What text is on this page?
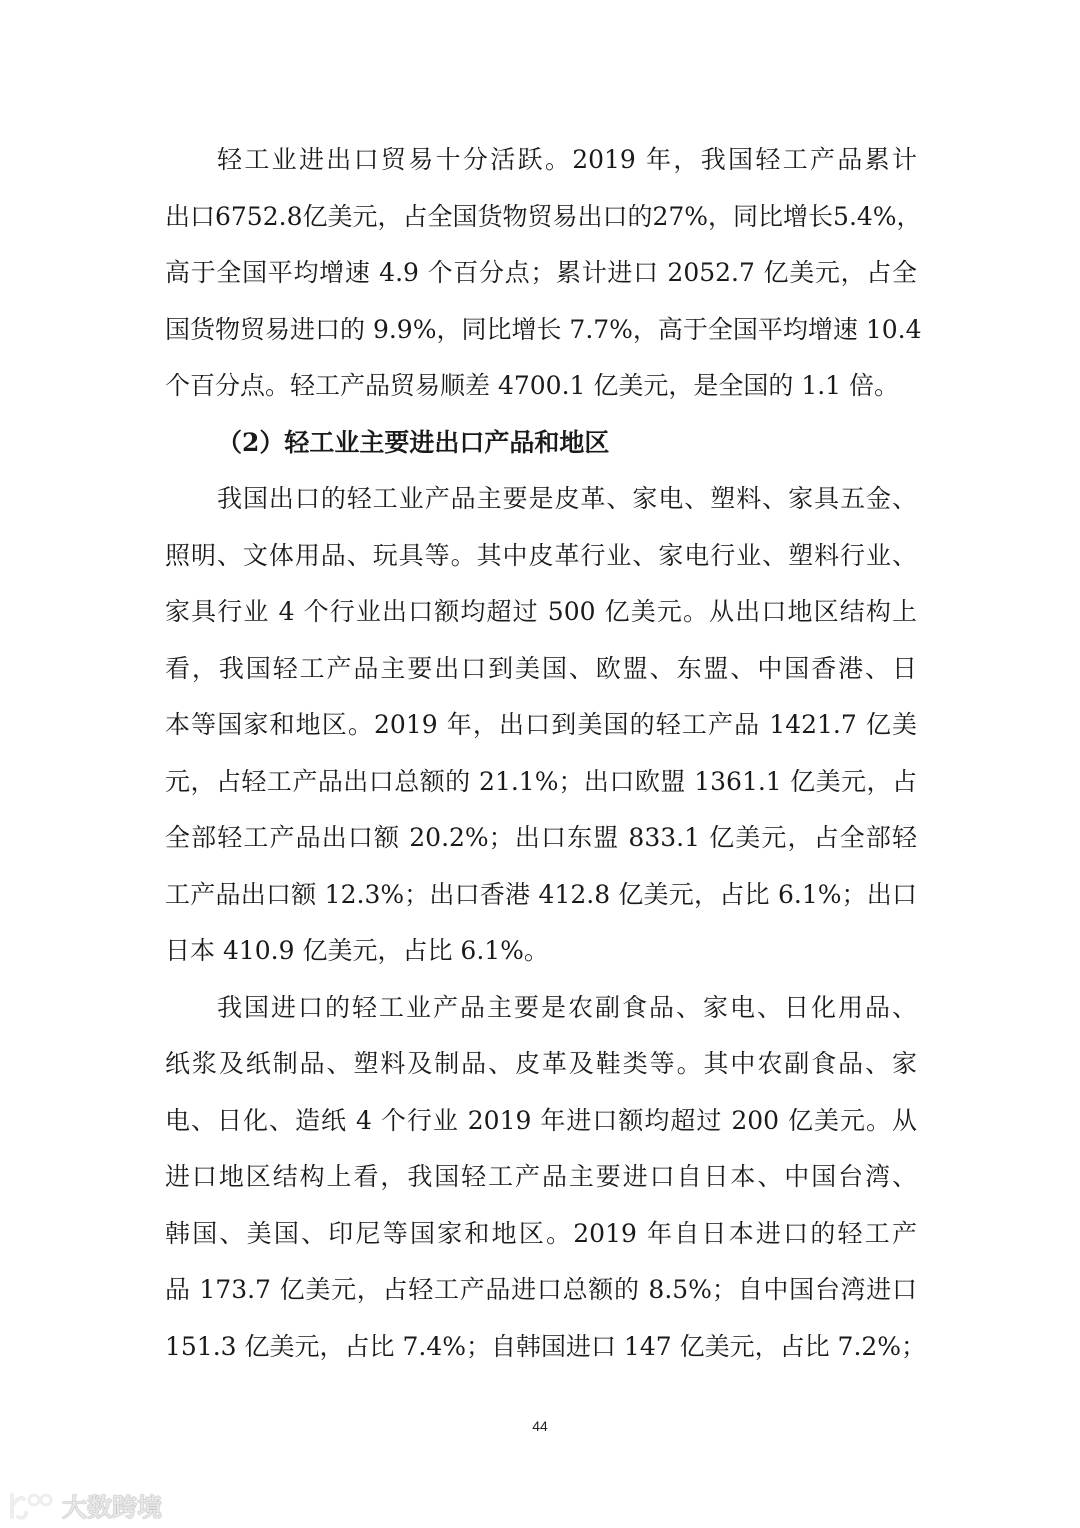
轻工业进出口贸易十分活跃。2019 年，我国轻工产品累计
出口6752.8亿美元，占全国货物贸易出口的27%，同比增长5.4%，
高于全国平均增速 4.9 个百分点；累计进口 2052.7 亿美元，占全
国货物贸易进口的 9.9%，同比增长 7.7%，高于全国平均增速 10.4
个百分点。轻工产品贸易顺差 4700.1 亿美元，是全国的 1.1 倍。
（2）轻工业主要进出口产品和地区
我国出口的轻工业产品主要是皮革、家电、塑料、家具五金、
照明、文体用品、玩具等。其中皮革行业、家电行业、塑料行业、
家具行业 4 个行业出口额均超过 500 亿美元。从出口地区结构上
看，我国轻工产品主要出口到美国、欧盟、东盟、中国香港、日
本等国家和地区。2019 年，出口到美国的轻工产品 1421.7 亿美
元，占轻工产品出口总额的 21.1%；出口欧盟 1361.1 亿美元，占
全部轻工产品出口额 20.2%；出口东盟 833.1 亿美元，占全部轻
工产品出口额 12.3%；出口香港 412.8 亿美元，占比 6.1%；出口
日本 410.9 亿美元，占比 6.1%。
我国进口的轻工业产品主要是农副食品、家电、日化用品、
纸浆及纸制品、塑料及制品、皮革及鞋类等。其中农副食品、家
电、日化、造纸 4 个行业 2019 年进口额均超过 200 亿美元。从
进口地区结构上看，我国轻工产品主要进口自日本、中国台湾、
韩国、美国、印尼等国家和地区。2019 年自日本进口的轻工产
品 173.7 亿美元，占轻工产品进口总额的 8.5%；自中国台湾进口
151.3 亿美元，占比 7.4%；自韩国进口 147 亿美元，占比 7.2%；
44
大数跨境
